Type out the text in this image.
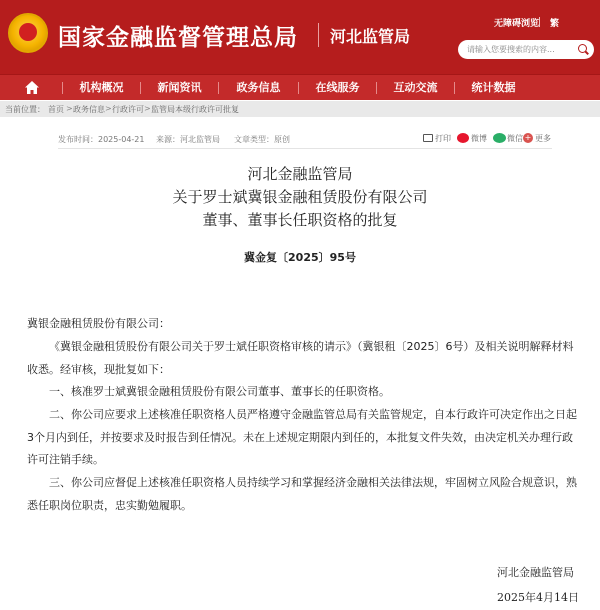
国家金融监督管理总局 河北监管局
无障碍浏览 繁
请输入您要搜索的内容...
机构概况	新闻资讯	政务信息	在线服务	互动交流	统计数据
当前位置： 首页 > 政务信息 > 行政许可 > 监管局本级行政许可批复
发布时间：2025-04-21 来源：河北监管局 文章类型：原创	打印	微博	微信 + 更多
河北金融监管局
关于罗士斌冀银金融租赁股份有限公司
董事、董事长任职资格的批复
冀金复〔2025〕95号
冀银金融租赁股份有限公司：
《冀银金融租赁股份有限公司关于罗士斌任职资格审核的请示》（冀银租〔2025〕6号）及相关说明解释材料收悉。经审核，现批复如下：
一、核准罗士斌冀银金融租赁股份有限公司董事、董事长的任职资格。
二、你公司应要求上述核准任职资格人员严格遵守金融监管总局有关监管规定，自本行政许可决定作出之日起3个月内到任，并按要求及时报告到任情况。未在上述规定期限内到任的，本批复文件失效，由决定机关办理行政许可注销手续。
三、你公司应督促上述核准任职资格人员持续学习和掌握经济金融相关法律法规，牢固树立风险合规意识，熟悉任职岗位职责，忠实勤勉履职。
河北金融监管局
2025年4月14日
